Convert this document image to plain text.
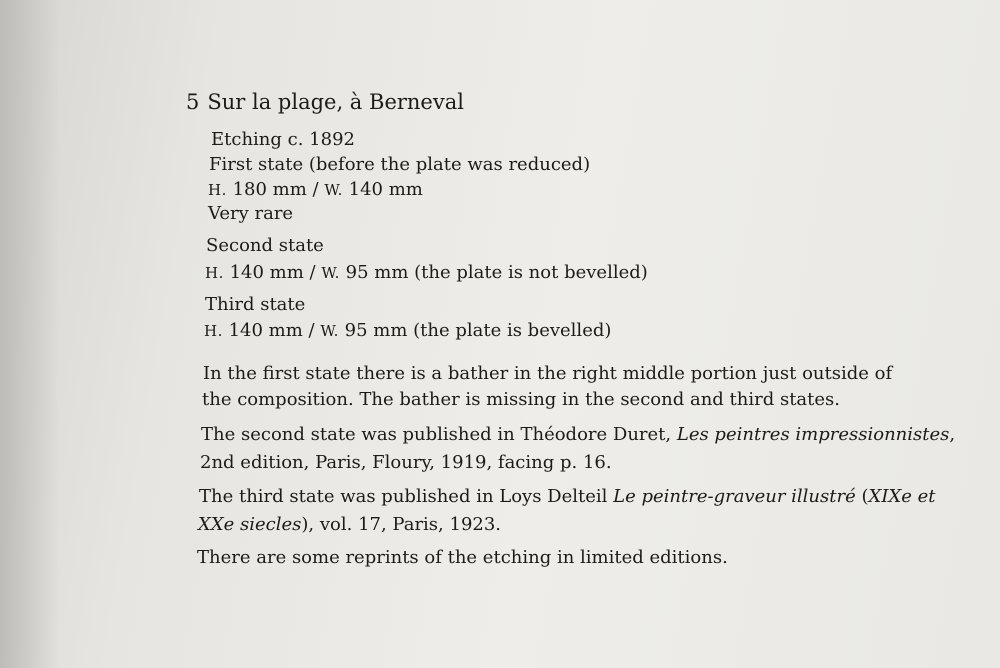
5 Sur la plage, à Berneval
Etching c. 1892
First state (before the plate was reduced)
H. 180 mm / W. 140 mm
Very rare
Second state
H. 140 mm / W. 95 mm (the plate is not bevelled)
Third state
H. 140 mm / W. 95 mm (the plate is bevelled)
In the first state there is a bather in the right middle portion just outside of
the composition. The bather is missing in the second and third states.
The second state was published in Théodore Duret, Les peintres impressionnistes,
2nd edition, Paris, Floury, 1919, facing p. 16.
The third state was published in Loys Delteil Le peintre-graveur illustré (XIXe et
XXe siecles), vol. 17, Paris, 1923.
There are some reprints of the etching in limited editions.
